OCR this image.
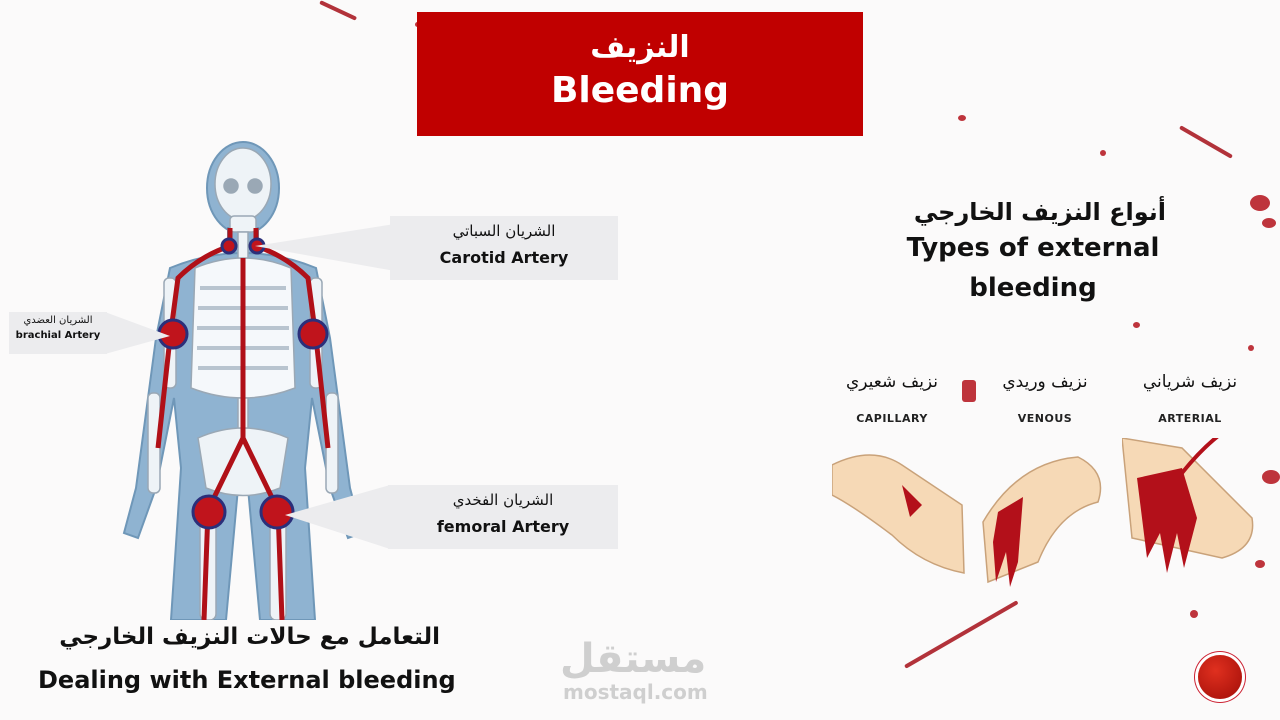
النزيف
Bleeding
الشريان السباتي
Carotid Artery
الشريان العضدي
brachial Artery
الشريان الفخدي
femoral Artery
أنواع النزيف الخارجي
Types of external bleeding
نزيف شعيري
CAPILLARY
نزيف وريدي
VENOUS
نزيف شرياني
ARTERIAL
التعامل مع حالات النزيف الخارجي
Dealing with External bleeding	مستقل
mostaql.com
